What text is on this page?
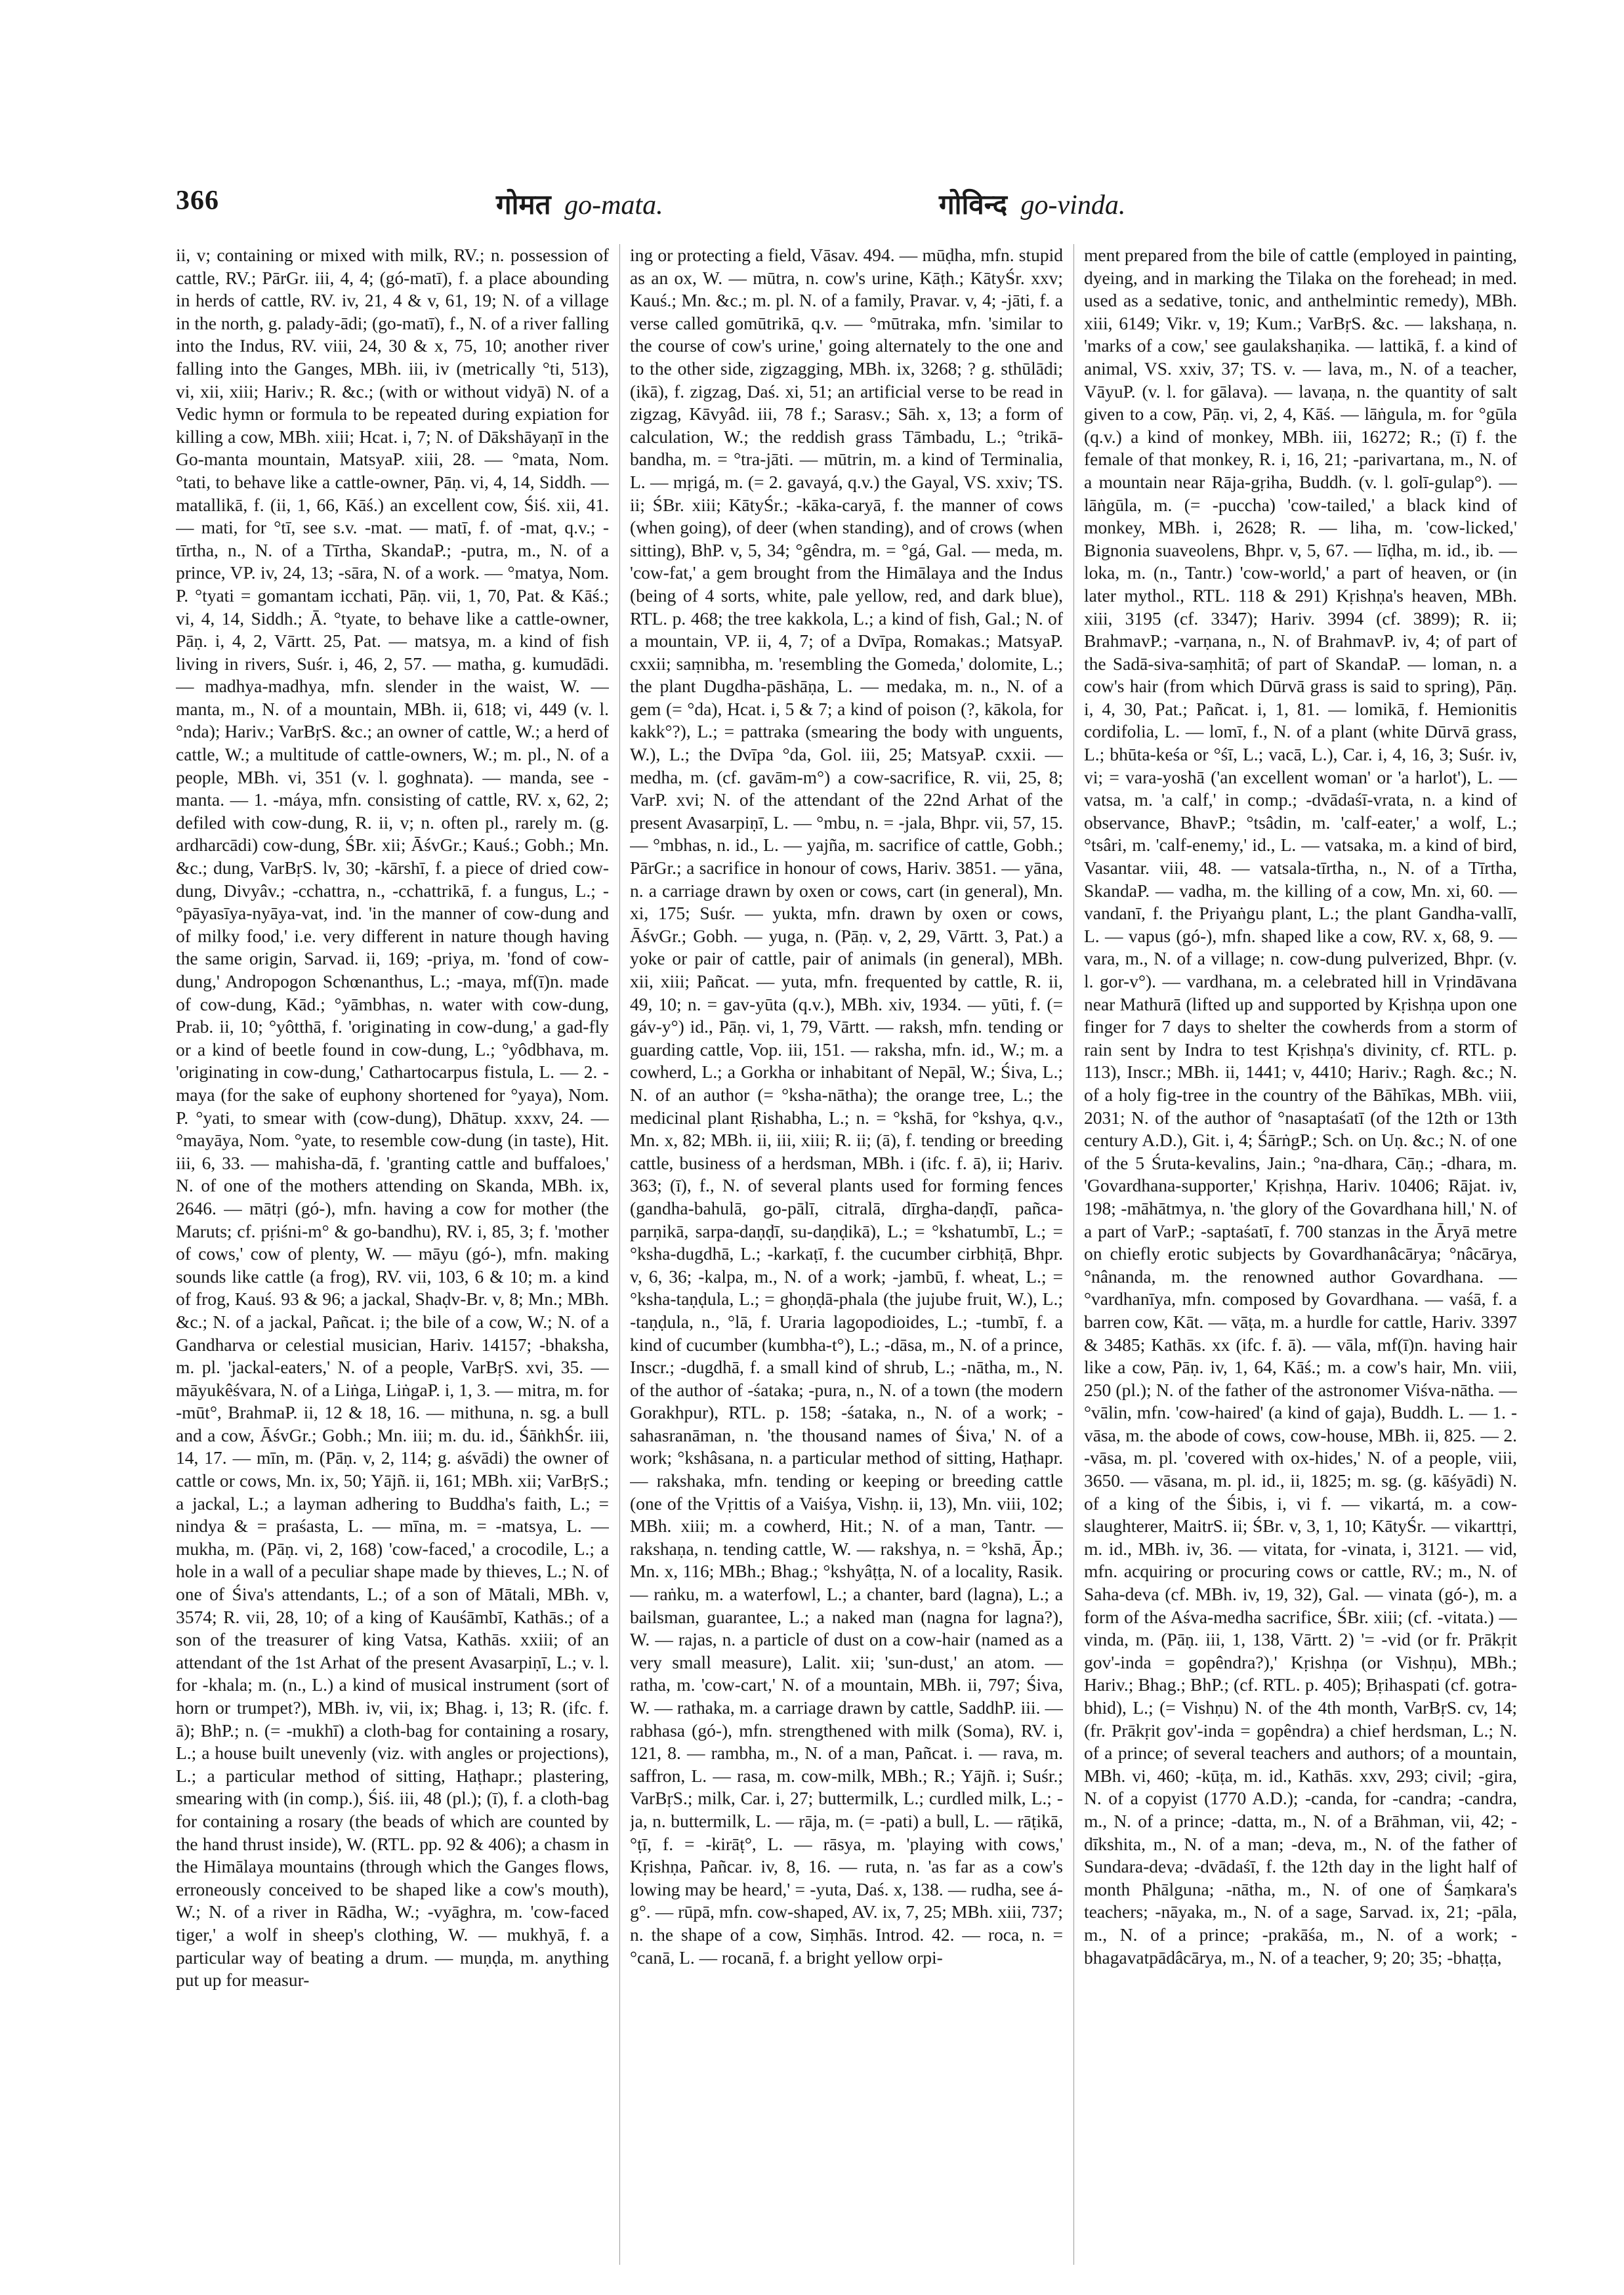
366	गोमत go-mata.	गोविन्द go-vinda.

ii, v; containing or mixed with milk, RV.; n. possession of cattle, RV.; PārGr. iii, 4, 4; (gó-matī), f. a place abounding in herds of cattle, RV. iv, 21, 4 & v, 61, 19; N. of a village in the north, g. palady-ādi; (go-matī), f., N. of a river falling into the Indus, RV. viii, 24, 30 & x, 75, 10; another river falling into the Ganges, MBh. iii, iv (metrically °ti, 513), vi, xii, xiii; Hariv.; R. &c.; (with or without vidyā) N. of a Vedic hymn or formula to be repeated during expiation for killing a cow, MBh. xiii; Hcat. i, 7; N. of Dākshāyaṇī in the Go-manta mountain, MatsyaP. xiii, 28. — °mata, Nom. °tati, to behave like a cattle-owner, Pāṇ. vi, 4, 14, Siddh. — matallikā, f. (ii, 1, 66, Kāś.) an excellent cow, Śiś. xii, 41. — mati, for °tī, see s.v. -mat. — matī, f. of -mat, q.v.; -tīrtha, n., N. of a Tīrtha, SkandaP.; -putra, m., N. of a prince, VP. iv, 24, 13; -sāra, N. of a work. — °matya, Nom. P. °tyati = gomantam icchati, Pāṇ. vii, 1, 70, Pat. & Kāś.; vi, 4, 14, Siddh.; Ā. °tyate, to behave like a cattle-owner, Pāṇ. i, 4, 2, Vārtt. 25, Pat. — matsya, m. a kind of fish living in rivers, Suśr. i, 46, 2, 57. — matha, g. kumudādi. — madhya-madhya, mfn. slender in the waist, W. — manta, m., N. of a mountain, MBh. ii, 618; vi, 449 (v. l. °nda); Hariv.; VarBṛS. &c.; an owner of cattle, W.; a herd of cattle, W.; a multitude of cattle-owners, W.; m. pl., N. of a people, MBh. vi, 351 (v. l. goghnata). — manda, see -manta. — 1. -máya, mfn. consisting of cattle, RV. x, 62, 2; defiled with cow-dung, R. ii, v; n. often pl., rarely m. (g. ardharcādi) cow-dung, ŚBr. xii; ĀśvGr.; Kauś.; Gobh.; Mn. &c.; dung, VarBṛS. lv, 30; -kārshī, f. a piece of dried cow-dung, Divyâv.; -cchattra, n., -cchattrikā, f. a fungus, L.; -°pāyasīya-nyāya-vat, ind. 'in the manner of cow-dung and of milky food,' i.e. very different in nature though having the same origin, Sarvad. ii, 169; -priya, m. 'fond of cow-dung,' Andropogon Schœnanthus, L.; -maya, mf(ī)n. made of cow-dung, Kād.; °yāmbhas, n. water with cow-dung, Prab. ii, 10; °yôtthā, f. 'originating in cow-dung,' a gad-fly or a kind of beetle found in cow-dung, L.; °yôdbhava, m. 'originating in cow-dung,' Cathartocarpus fistula, L. — 2. -maya (for the sake of euphony shortened for °yaya), Nom. P. °yati, to smear with (cow-dung), Dhātup. xxxv, 24. — °mayāya, Nom. °yate, to resemble cow-dung (in taste), Hit. iii, 6, 33. — mahisha-dā, f. 'granting cattle and buffaloes,' N. of one of the mothers attending on Skanda, MBh. ix, 2646. — mātṛi (gó-), mfn. having a cow for mother (the Maruts; cf. pṛiśni-m° & go-bandhu), RV. i, 85, 3; f. 'mother of cows,' cow of plenty, W. — māyu (gó-), mfn. making sounds like cattle (a frog), RV. vii, 103, 6 & 10; m. a kind of frog, Kauś. 93 & 96; a jackal, Shaḍv-Br. v, 8; Mn.; MBh. &c.; N. of a jackal, Pañcat. i; the bile of a cow, W.; N. of a Gandharva or celestial musician, Hariv. 14157; -bhaksha, m. pl. 'jackal-eaters,' N. of a people, VarBṛS. xvi, 35. — māyukêśvara, N. of a Liṅga, LiṅgaP. i, 1, 3. — mitra, m. for -mūt°, BrahmaP. ii, 12 & 18, 16. — mithuna, n. sg. a bull and a cow, ĀśvGr.; Gobh.; Mn. iii; m. du. id., ŚāṅkhŚr. iii, 14, 17. — mīn, m. (Pāṇ. v, 2, 114; g. aśvādi) the owner of cattle or cows, Mn. ix, 50; Yājñ. ii, 161; MBh. xii; VarBṛS.; a jackal, L.; a layman adhering to Buddha's faith, L.; = nindya & = praśasta, L. — mīna, m. = -matsya, L. — mukha, m. (Pāṇ. vi, 2, 168) 'cow-faced,' a crocodile, L.; a hole in a wall of a peculiar shape made by thieves, L.; N. of one of Śiva's attendants, L.; of a son of Mātali, MBh. v, 3574; R. vii, 28, 10; of a king of Kauśāmbī, Kathās.; of a son of the treasurer of king Vatsa, Kathās. xxiii; of an attendant of the 1st Arhat of the present Avasarpiṇī, L.; v. l. for -khala; m. (n., L.) a kind of musical instrument (sort of horn or trumpet?), MBh. iv, vii, ix; Bhag. i, 13; R. (ifc. f. ā); BhP.; n. (= -mukhī) a cloth-bag for containing a rosary, L.; a house built unevenly (viz. with angles or projections), L.; a particular method of sitting, Haṭhapr.; plastering, smearing with (in comp.), Śiś. iii, 48 (pl.); (ī), f. a cloth-bag for containing a rosary (the beads of which are counted by the hand thrust inside), W. (RTL. pp. 92 & 406); a chasm in the Himālaya mountains (through which the Ganges flows, erroneously conceived to be shaped like a cow's mouth), W.; N. of a river in Rādha, W.; -vyāghra, m. 'cow-faced tiger,' a wolf in sheep's clothing, W. — mukhyā, f. a particular way of beating a drum. — muṇḍa, m. anything put up for measur-

ing or protecting a field, Vāsav. 494. — mūḍha, mfn. stupid as an ox, W. — mūtra, n. cow's urine, Kāṭh.; KātyŚr. xxv; Kauś.; Mn. &c.; m. pl. N. of a family, Pravar. v, 4; -jāti, f. a verse called gomūtrikā, q.v. — °mūtraka, mfn. 'similar to the course of cow's urine,' going alternately to the one and to the other side, zigzagging, MBh. ix, 3268; ? g. sthūlādi; (ikā), f. zigzag, Daś. xi, 51; an artificial verse to be read in zigzag, Kāvyâd. iii, 78 f.; Sarasv.; Sāh. x, 13; a form of calculation, W.; the reddish grass Tāmbadu, L.; °trikā-bandha, m. = °tra-jāti. — mūtrin, m. a kind of Terminalia, L. — mṛigá, m. (= 2. gavayá, q.v.) the Gayal, VS. xxiv; TS. ii; ŚBr. xiii; KātyŚr.; -kāka-caryā, f. the manner of cows (when going), of deer (when standing), and of crows (when sitting), BhP. v, 5, 34; °gêndra, m. = °gá, Gal. — meda, m. 'cow-fat,' a gem brought from the Himālaya and the Indus (being of 4 sorts, white, pale yellow, red, and dark blue), RTL. p. 468; the tree kakkola, L.; a kind of fish, Gal.; N. of a mountain, VP. ii, 4, 7; of a Dvīpa, Romakas.; MatsyaP. cxxii; saṃnibha, m. 'resembling the Gomeda,' dolomite, L.; the plant Dugdha-pāshāṇa, L. — medaka, m. n., N. of a gem (= °da), Hcat. i, 5 & 7; a kind of poison (?, kākola, for kakk°?), L.; = pattraka (smearing the body with unguents, W.), L.; the Dvīpa °da, Gol. iii, 25; MatsyaP. cxxii. — medha, m. (cf. gavām-m°) a cow-sacrifice, R. vii, 25, 8; VarP. xvi; N. of the attendant of the 22nd Arhat of the present Avasarpiṇī, L. — °mbu, n. = -jala, Bhpr. vii, 57, 15. — °mbhas, n. id., L. — yajña, m. sacrifice of cattle, Gobh.; PārGr.; a sacrifice in honour of cows, Hariv. 3851. — yāna, n. a carriage drawn by oxen or cows, cart (in general), Mn. xi, 175; Suśr. — yukta, mfn. drawn by oxen or cows, ĀśvGr.; Gobh. — yuga, n. (Pāṇ. v, 2, 29, Vārtt. 3, Pat.) a yoke or pair of cattle, pair of animals (in general), MBh. xii, xiii; Pañcat. — yuta, mfn. frequented by cattle, R. ii, 49, 10; n. = gav-yūta (q.v.), MBh. xiv, 1934. — yūti, f. (= gáv-y°) id., Pāṇ. vi, 1, 79, Vārtt. — raksh, mfn. tending or guarding cattle, Vop. iii, 151. — raksha, mfn. id., W.; m. a cowherd, L.; a Gorkha or inhabitant of Nepāl, W.; Śiva, L.; N. of an author (= °ksha-nātha); the orange tree, L.; the medicinal plant Ṛishabha, L.; n. = °kshā, for °kshya, q.v., Mn. x, 82; MBh. ii, iii, xiii; R. ii; (ā), f. tending or breeding cattle, business of a herdsman, MBh. i (ifc. f. ā), ii; Hariv. 363; (ī), f., N. of several plants used for forming fences (gandha-bahulā, go-pālī, citralā, dīrgha-daṇḍī, pañca-parṇikā, sarpa-daṇḍī, su-daṇḍikā), L.; = °kshatumbī, L.; = °ksha-dugdhā, L.; -karkaṭī, f. the cucumber cirbhiṭā, Bhpr. v, 6, 36; -kalpa, m., N. of a work; -jambū, f. wheat, L.; = °ksha-taṇḍula, L.; = ghoṇḍā-phala (the jujube fruit, W.), L.; -taṇḍula, n., °lā, f. Uraria lagopodioides, L.; -tumbī, f. a kind of cucumber (kumbha-t°), L.; -dāsa, m., N. of a prince, Inscr.; -dugdhā, f. a small kind of shrub, L.; -nātha, m., N. of the author of -śataka; -pura, n., N. of a town (the modern Gorakhpur), RTL. p. 158; -śataka, n., N. of a work; -sahasranāman, n. 'the thousand names of Śiva,' N. of a work; °kshâsana, n. a particular method of sitting, Haṭhapr. — rakshaka, mfn. tending or keeping or breeding cattle (one of the Vṛittis of a Vaiśya, Vishṇ. ii, 13), Mn. viii, 102; MBh. xiii; m. a cowherd, Hit.; N. of a man, Tantr. — rakshaṇa, n. tending cattle, W. — rakshya, n. = °kshā, Āp.; Mn. x, 116; MBh.; Bhag.; °kshyâṭṭa, N. of a locality, Rasik. — raṅku, m. a waterfowl, L.; a chanter, bard (lagna), L.; a bailsman, guarantee, L.; a naked man (nagna for lagna?), W. — rajas, n. a particle of dust on a cow-hair (named as a very small measure), Lalit. xii; 'sun-dust,' an atom. — ratha, m. 'cow-cart,' N. of a mountain, MBh. ii, 797; Śiva, W. — rathaka, m. a carriage drawn by cattle, SaddhP. iii. — rabhasa (gó-), mfn. strengthened with milk (Soma), RV. i, 121, 8. — rambha, m., N. of a man, Pañcat. i. — rava, m. saffron, L. — rasa, m. cow-milk, MBh.; R.; Yājñ. i; Suśr.; VarBṛS.; milk, Car. i, 27; buttermilk, L.; curdled milk, L.; -ja, n. buttermilk, L. — rāja, m. (= -pati) a bull, L. — rāṭikā, °ṭī, f. = -kirāṭ°, L. — rāsya, m. 'playing with cows,' Kṛishṇa, Pañcar. iv, 8, 16. — ruta, n. 'as far as a cow's lowing may be heard,' = -yuta, Daś. x, 138. — rudha, see á-g°. — rūpā, mfn. cow-shaped, AV. ix, 7, 25; MBh. xiii, 737; n. the shape of a cow, Siṃhās. Introd. 42. — roca, n. = °canā, L. — rocanā, f. a bright yellow orpi-

ment prepared from the bile of cattle (employed in painting, dyeing, and in marking the Tilaka on the forehead; in med. used as a sedative, tonic, and anthelmintic remedy), MBh. xiii, 6149; Vikr. v, 19; Kum.; VarBṛS. &c. — lakshaṇa, n. 'marks of a cow,' see gaulakshaṇika. — lattikā, f. a kind of animal, VS. xxiv, 37; TS. v. — lava, m., N. of a teacher, VāyuP. (v. l. for gālava). — lavaṇa, n. the quantity of salt given to a cow, Pāṇ. vi, 2, 4, Kāś. — lāṅgula, m. for °gūla (q.v.) a kind of monkey, MBh. iii, 16272; R.; (ī) f. the female of that monkey, R. i, 16, 21; -parivartana, m., N. of a mountain near Rāja-gṛiha, Buddh. (v. l. golī-gulap°). — lāṅgūla, m. (= -puccha) 'cow-tailed,' a black kind of monkey, MBh. i, 2628; R. — liha, m. 'cow-licked,' Bignonia suaveolens, Bhpr. v, 5, 67. — līḍha, m. id., ib. — loka, m. (n., Tantr.) 'cow-world,' a part of heaven, or (in later mythol., RTL. 118 & 291) Kṛishṇa's heaven, MBh. xiii, 3195 (cf. 3347); Hariv. 3994 (cf. 3899); R. ii; BrahmavP.; -varṇana, n., N. of BrahmavP. iv, 4; of part of the Sadā-siva-saṃhitā; of part of SkandaP. — loman, n. a cow's hair (from which Dūrvā grass is said to spring), Pāṇ. i, 4, 30, Pat.; Pañcat. i, 1, 81. — lomikā, f. Hemionitis cordifolia, L. — lomī, f., N. of a plant (white Dūrvā grass, L.; bhūta-keśa or °śī, L.; vacā, L.), Car. i, 4, 16, 3; Suśr. iv, vi; = vara-yoshā ('an excellent woman' or 'a harlot'), L. — vatsa, m. 'a calf,' in comp.; -dvādaśī-vrata, n. a kind of observance, BhavP.; °tsâdin, m. 'calf-eater,' a wolf, L.; °tsâri, m. 'calf-enemy,' id., L. — vatsaka, m. a kind of bird, Vasantar. viii, 48. — vatsala-tīrtha, n., N. of a Tīrtha, SkandaP. — vadha, m. the killing of a cow, Mn. xi, 60. — vandanī, f. the Priyaṅgu plant, L.; the plant Gandha-vallī, L. — vapus (gó-), mfn. shaped like a cow, RV. x, 68, 9. — vara, m., N. of a village; n. cow-dung pulverized, Bhpr. (v. l. gor-v°). — vardhana, m. a celebrated hill in Vṛindāvana near Mathurā (lifted up and supported by Kṛishṇa upon one finger for 7 days to shelter the cowherds from a storm of rain sent by Indra to test Kṛishṇa's divinity, cf. RTL. p. 113), Inscr.; MBh. ii, 1441; v, 4410; Hariv.; Ragh. &c.; N. of a holy fig-tree in the country of the Bāhīkas, MBh. viii, 2031; N. of the author of °nasaptaśatī (of the 12th or 13th century A.D.), Git. i, 4; ŚārṅgP.; Sch. on Uṇ. &c.; N. of one of the 5 Śruta-kevalins, Jain.; °na-dhara, Cāṇ.; -dhara, m. 'Govardhana-supporter,' Kṛishṇa, Hariv. 10406; Rājat. iv, 198; -māhātmya, n. 'the glory of the Govardhana hill,' N. of a part of VarP.; -saptaśatī, f. 700 stanzas in the Āryā metre on chiefly erotic subjects by Govardhanâcārya; °nâcārya, °nânanda, m. the renowned author Govardhana. — °vardhanīya, mfn. composed by Govardhana. — vaśā, f. a barren cow, Kāt. — vāṭa, m. a hurdle for cattle, Hariv. 3397 & 3485; Kathās. xx (ifc. f. ā). — vāla, mf(ī)n. having hair like a cow, Pāṇ. iv, 1, 64, Kāś.; m. a cow's hair, Mn. viii, 250 (pl.); N. of the father of the astronomer Viśva-nātha. — °vālin, mfn. 'cow-haired' (a kind of gaja), Buddh. L. — 1. -vāsa, m. the abode of cows, cow-house, MBh. ii, 825. — 2. -vāsa, m. pl. 'covered with ox-hides,' N. of a people, viii, 3650. — vāsana, m. pl. id., ii, 1825; m. sg. (g. kāśyādi) N. of a king of the Śibis, i, vi f. — vikartá, m. a cow-slaughterer, MaitrS. ii; ŚBr. v, 3, 1, 10; KātyŚr. — vikarttṛi, m. id., MBh. iv, 36. — vitata, for -vinata, i, 3121. — vid, mfn. acquiring or procuring cows or cattle, RV.; m., N. of Saha-deva (cf. MBh. iv, 19, 32), Gal. — vinata (gó-), m. a form of the Aśva-medha sacrifice, ŚBr. xiii; (cf. -vitata.) — vinda, m. (Pāṇ. iii, 1, 138, Vārtt. 2) '= -vid (or fr. Prākṛit gov'-inda = gopêndra?),' Kṛishṇa (or Vishṇu), MBh.; Hariv.; Bhag.; BhP.; (cf. RTL. p. 405); Bṛihaspati (cf. gotra-bhid), L.; (= Vishṇu) N. of the 4th month, VarBṛS. cv, 14; (fr. Prākṛit gov'-inda = gopêndra) a chief herdsman, L.; N. of a prince; of several teachers and authors; of a mountain, MBh. vi, 460; -kūṭa, m. id., Kathās. xxv, 293; civil; -gira, N. of a copyist (1770 A.D.); -canda, for -candra; -candra, m., N. of a prince; -datta, m., N. of a Brāhman, vii, 42; -dīkshita, m., N. of a man; -deva, m., N. of the father of Sundara-deva; -dvādaśī, f. the 12th day in the light half of month Phālguna; -nātha, m., N. of one of Śaṃkara's teachers; -nāyaka, m., N. of a sage, Sarvad. ix, 21; -pāla, m., N. of a prince; -prakāśa, m., N. of a work; -bhagavatpādâcārya, m., N. of a teacher, 9; 20; 35; -bhaṭṭa,
